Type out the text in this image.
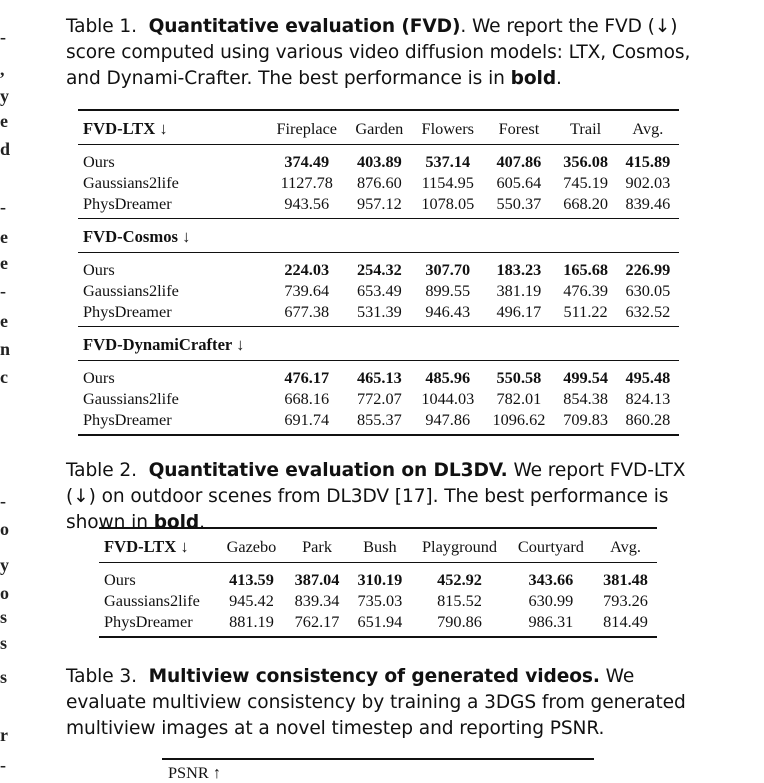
-
,
y
e
d
-
e
e
-
e
n
c
-
o
y
o
s
s
s
r
-
Table 1. Quantitative evaluation (FVD). We report the FVD (↓) score computed using various video diffusion models: LTX, Cosmos, and Dynami-Crafter. The best performance is in bold.
FVD-LTX ↓	Fireplace	Garden	Flowers	Forest	Trail	Avg.
Ours	374.49	403.89	537.14	407.86	356.08	415.89
Gaussians2life	1127.78	876.60	1154.95	605.64	745.19	902.03
PhysDreamer	943.56	957.12	1078.05	550.37	668.20	839.46
FVD-Cosmos ↓						
Ours	224.03	254.32	307.70	183.23	165.68	226.99
Gaussians2life	739.64	653.49	899.55	381.19	476.39	630.05
PhysDreamer	677.38	531.39	946.43	496.17	511.22	632.52
FVD-DynamiCrafter ↓						
Ours	476.17	465.13	485.96	550.58	499.54	495.48
Gaussians2life	668.16	772.07	1044.03	782.01	854.38	824.13
PhysDreamer	691.74	855.37	947.86	1096.62	709.83	860.28
Table 2. Quantitative evaluation on DL3DV. We report FVD-LTX (↓) on outdoor scenes from DL3DV [17]. The best performance is shown in bold.
FVD-LTX ↓	Gazebo	Park	Bush	Playground	Courtyard	Avg.
Ours	413.59	387.04	310.19	452.92	343.66	381.48
Gaussians2life	945.42	839.34	735.03	815.52	630.99	793.26
PhysDreamer	881.19	762.17	651.94	790.86	986.31	814.49
Table 3. Multiview consistency of generated videos. We evaluate multiview consistency by training a 3DGS from generated multiview images at a novel timestep and reporting PSNR.
PSNR ↑
